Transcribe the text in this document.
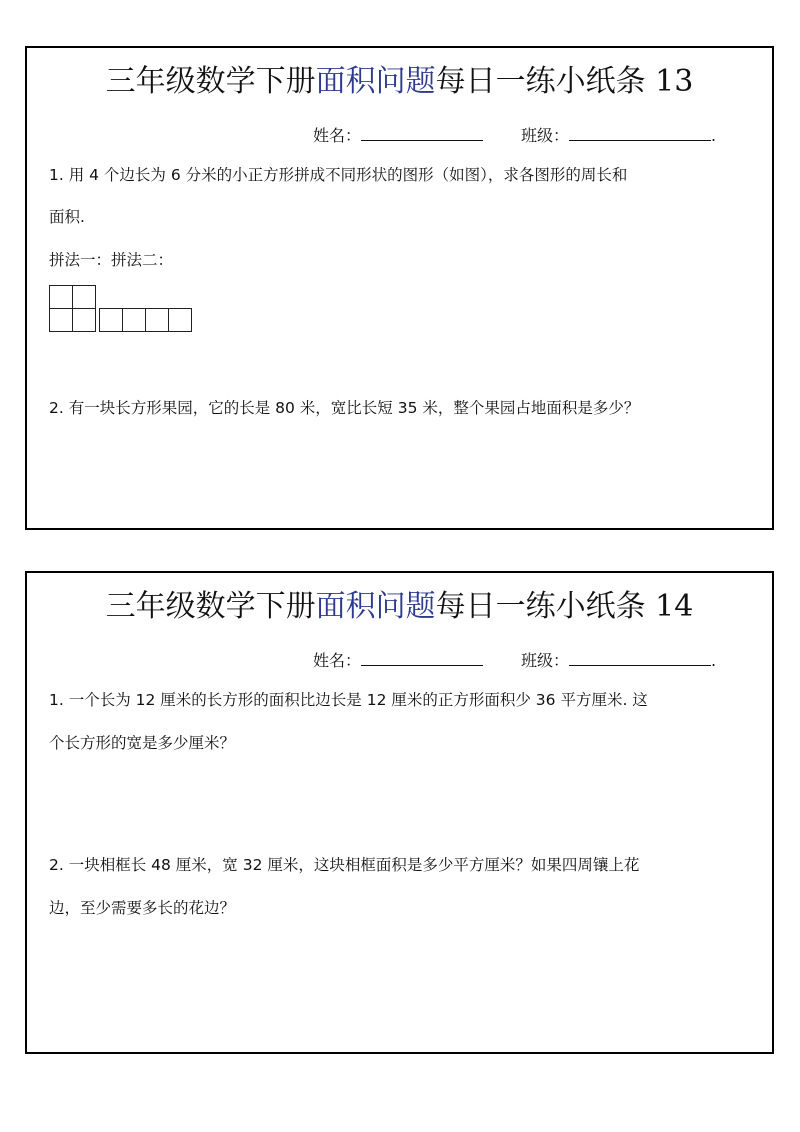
三年级数学下册面积问题每日一练小纸条 13
姓名：	班级：	.
1. 用 4 个边长为 6 分米的小正方形拼成不同形状的图形（如图），求各图形的周长和
面积.
拼法一：拼法二：
2. 有一块长方形果园，它的长是 80 米，宽比长短 35 米，整个果园占地面积是多少？
三年级数学下册面积问题每日一练小纸条 14
姓名：	班级：	.
1. 一个长为 12 厘米的长方形的面积比边长是 12 厘米的正方形面积少 36 平方厘米. 这
个长方形的宽是多少厘米？
2. 一块相框长 48 厘米，宽 32 厘米，这块相框面积是多少平方厘米？如果四周镶上花
边，至少需要多长的花边？
